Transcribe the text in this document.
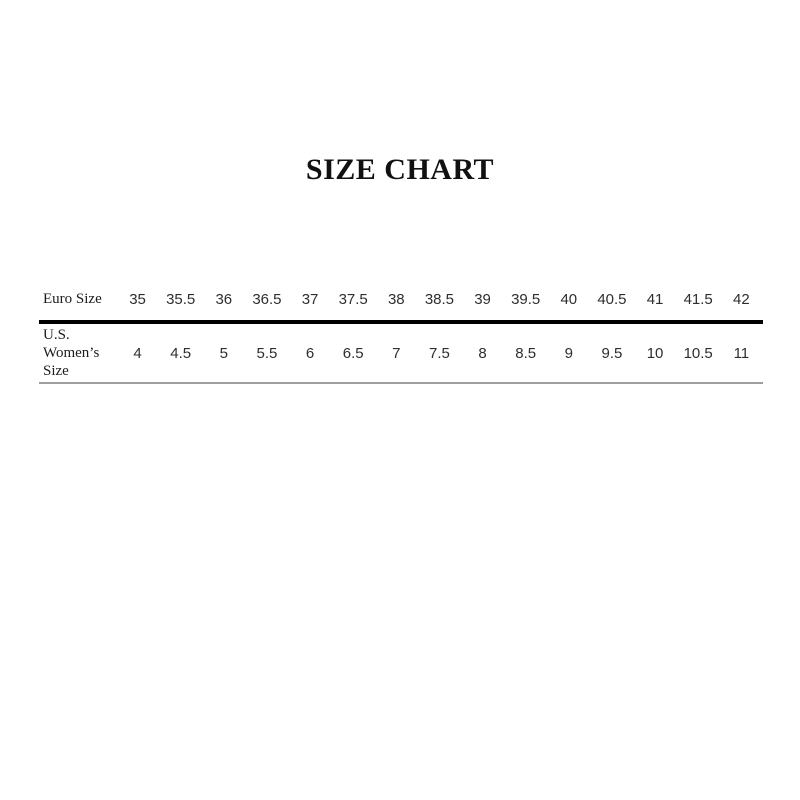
SIZE CHART
Euro Size	35	35.5	36	36.5	37	37.5	38	38.5	39	39.5	40	40.5	41	41.5	42
U.S. Women’s Size	4	4.5	5	5.5	6	6.5	7	7.5	8	8.5	9	9.5	10	10.5	11
